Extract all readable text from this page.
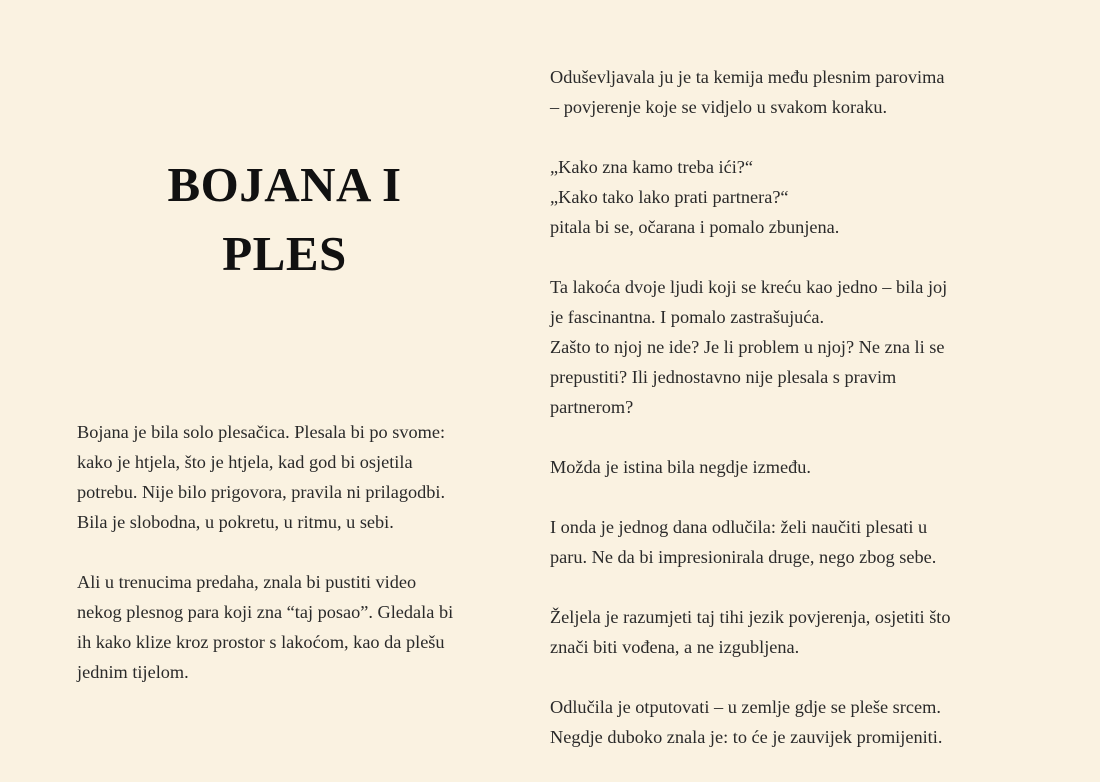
BOJANA I
PLES

Bojana je bila solo plesačica. Plesala bi po svome:
kako je htjela, što je htjela, kad god bi osjetila
potrebu. Nije bilo prigovora, pravila ni prilagodbi.
Bila je slobodna, u pokretu, u ritmu, u sebi.

Ali u trenucima predaha, znala bi pustiti video
nekog plesnog para koji zna “taj posao”. Gledala bi
ih kako klize kroz prostor s lakoćom, kao da plešu
jednim tijelom.

Oduševljavala ju je ta kemija među plesnim parovima
– povjerenje koje se vidjelo u svakom koraku.

„Kako zna kamo treba ići?“
„Kako tako lako prati partnera?“
pitala bi se, očarana i pomalo zbunjena.

Ta lakoća dvoje ljudi koji se kreću kao jedno – bila joj
je fascinantna. I pomalo zastrašujuća.
Zašto to njoj ne ide? Je li problem u njoj? Ne zna li se
prepustiti? Ili jednostavno nije plesala s pravim
partnerom?

Možda je istina bila negdje između.

I onda je jednog dana odlučila: želi naučiti plesati u
paru. Ne da bi impresionirala druge, nego zbog sebe.

Željela je razumjeti taj tihi jezik povjerenja, osjetiti što
znači biti vođena, a ne izgubljena.

Odlučila je otputovati – u zemlje gdje se pleše srcem.
Negdje duboko znala je: to će je zauvijek promijeniti.
